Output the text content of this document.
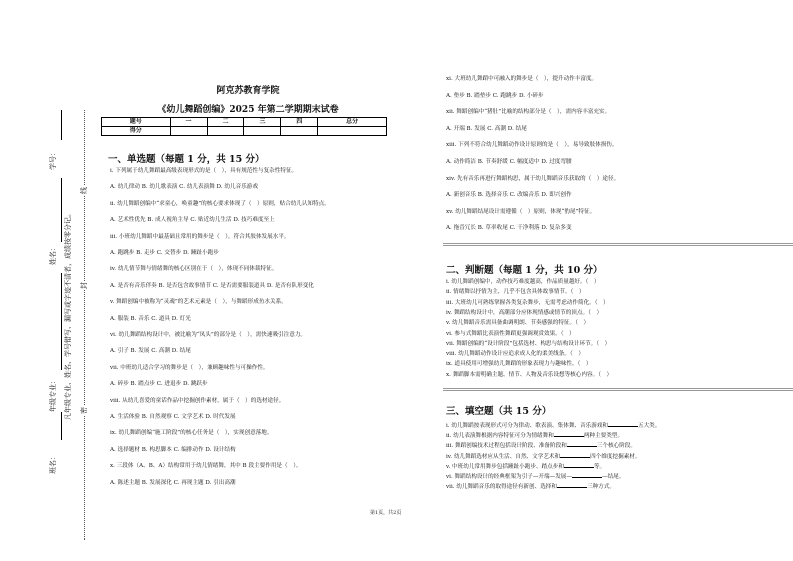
学号：
姓名：
年级专业：
班名：
凡年级专业、姓名、学号错写、漏写或字迹不清者，成绩按零分记。 密
封
线
阿克苏教育学院
《幼儿舞蹈创编》2025 年第二学期期末试卷
题号	一	二	三	四	总分
得分					
一、单选题（每题 1 分，共 15 分）
i. 下列属于幼儿舞蹈最高级表现形式的是（　），具有规范性与复杂性特征。
A. 幼儿律动 B. 幼儿歌表演 C. 幼儿表演舞 D. 幼儿音乐游戏
ii. 幼儿舞蹈创编中“求童心，唤童趣”的核心要求体现了（　）原则，贴合幼儿认知特点。
A. 艺术性优先 B. 成人视角主导 C. 贴近幼儿生活 D. 技巧难度至上
iii. 小班幼儿舞蹈中最基础且常用的舞步是（　），符合其肢体发展水平。
A. 跑跳步 B. 走步 C. 交替步 D. 踵趾小跑步
iv. 幼儿情节舞与情绪舞的核心区别在于（　），体现不同体裁特征。
A. 是否有音乐伴奏 B. 是否包含故事情节 C. 是否需要服装道具 D. 是否有队形变化
v. 舞蹈创编中被称为“灵魂”的艺术元素是（　），与舞蹈形成鱼水关系。
A. 服装 B. 音乐 C. 道具 D. 灯光
vi. 幼儿舞蹈结构设计中，被比喻为“凤头”的部分是（　），需快速吸引注意力。
A. 引子 B. 发展 C. 高潮 D. 结尾
vii. 中班幼儿适合学习的舞步是（　），兼顾趣味性与可操作性。
A. 碎步 B. 踏点步 C. 进退步 D. 跳跃步
viii. 从幼儿喜爱的童话作品中挖掘创作素材，属于（　）的选材途径。
A. 生活体验 B. 自然观察 C. 文学艺术 D. 时代发展
ix. 幼儿舞蹈创编“施工阶段”的核心任务是（　），实现创意落地。
A. 选择题材 B. 构思脚本 C. 编排动作 D. 设计结构
x. 三段体（A、B、A）结构常用于幼儿情绪舞，其中 B 段主要作用是（　）。
A. 陈述主题 B. 发展深化 C. 再现主题 D. 引出高潮
xi. 大班幼儿舞蹈中可融入的舞步是（　），提升动作丰富度。
A. 垫步 B. 踏垫步 C. 跑跳步 D. 小碎步
xii. 舞蹈创编中“猪肚”比喻的结构部分是（　），需内容丰富充实。
A. 开端 B. 发展 C. 高潮 D. 结尾
xiii. 下列不符合幼儿舞蹈动作设计原则的是（　），易导致肢体损伤。
A. 动作简洁 B. 节奏舒缓 C. 幅度适中 D. 过度弯腰
xiv. 先有音乐再进行舞蹈构思，属于幼儿舞蹈音乐获取的（　）途径。
A. 新创音乐 B. 选择音乐 C. 改编音乐 D. 即兴创作
xv. 幼儿舞蹈结尾设计需遵循（　）原则，体现“豹尾”特征。
A. 拖沓冗长 B. 草率收尾 C. 干净利落 D. 复杂多变
二、判断题（每题 1 分，共 10 分）
i. 幼儿舞蹈创编中，动作技巧难度越高，作品质量越好。（　）
ii. 情绪舞以抒情为主，几乎不包含具体故事情节。（　）
iii. 大班幼儿可熟练掌握各类复杂舞步，无需考虑动作简化。（　）
iv. 舞蹈结构设计中，高潮部分应体现情感或情节的顶点。（　）
v. 幼儿舞蹈音乐需具备曲调明朗、节奏感强的特征。（　）
vi. 参与式舞蹈比表演性舞蹈更强调观赏效果。（　）
vii. 舞蹈创编的“设计阶段”包括选材、构思与结构设计环节。（　）
viii. 幼儿舞蹈动作设计应追求成人化的柔美线条。（　）
ix. 道具使用可增强幼儿舞蹈的形象表现力与趣味性。（　）
x. 舞蹈脚本需明确主题、情节、人物及音乐设想等核心内容。（　）
三、填空题（共 15 分）
i. 幼儿舞蹈按表现形式可分为律动、歌表演、集体舞、音乐游戏和	五大类。
ii. 幼儿表演舞根据内容特征可分为情绪舞和	两种主要类型。
iii. 舞蹈创编技术过程包括设计阶段、准备阶段和	三个核心阶段。
iv. 幼儿舞蹈选材应从生活、自然、文学艺术和	四个维度挖掘素材。
v. 中班幼儿常用舞步包括踵趾小跑步、踏点步和	等。
vi. 舞蹈结构设计的经典框架为引子—开端—发展—	—结尾。
vii. 幼儿舞蹈音乐的取得途径有新创、选择和	三种方式。
第1页，共2页
